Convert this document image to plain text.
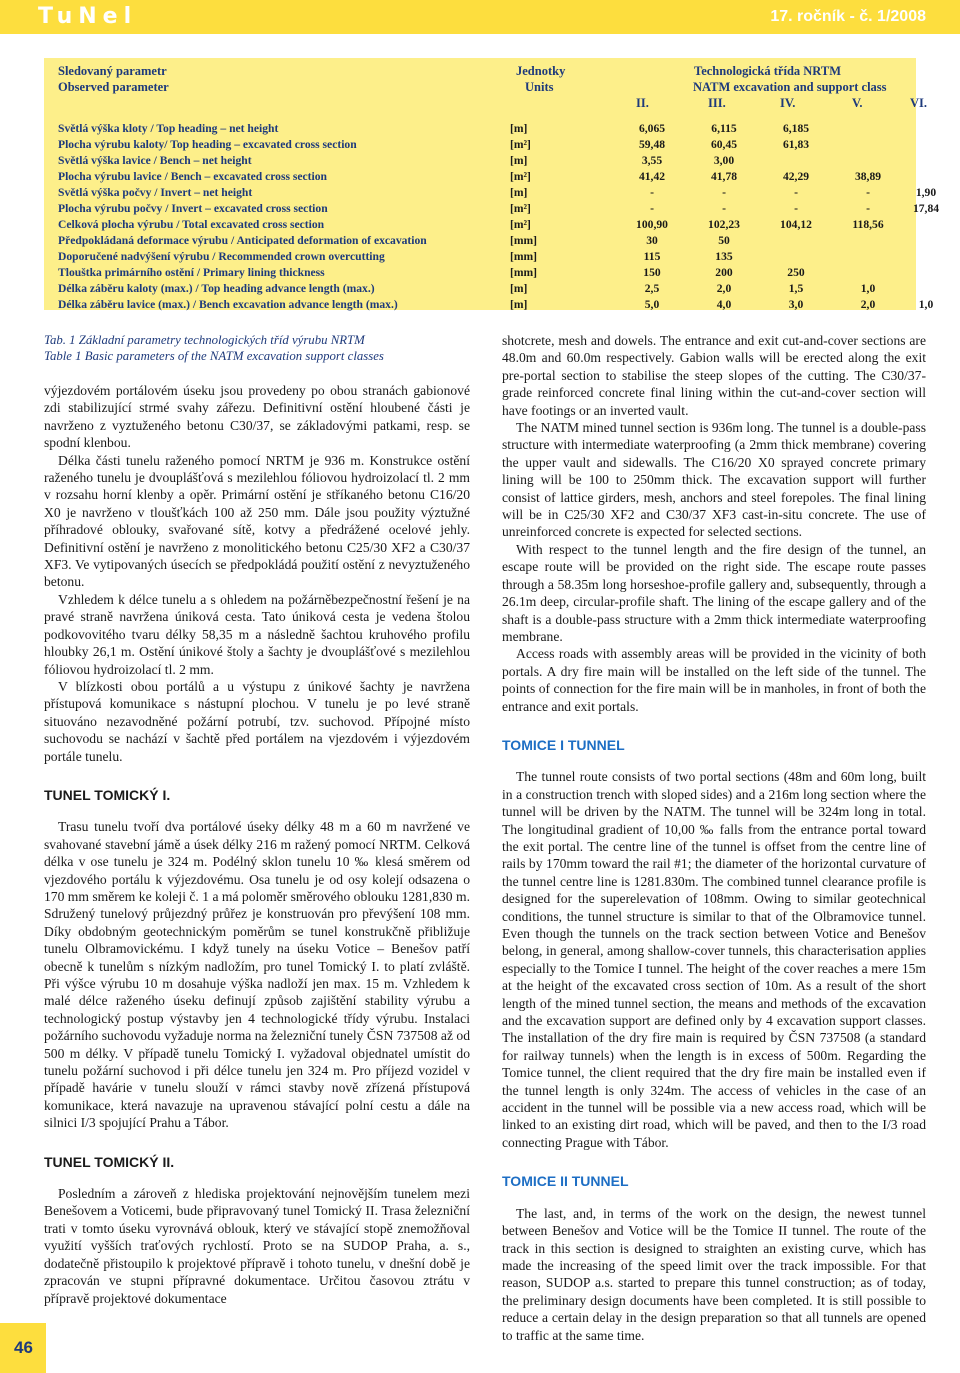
TuNel	17. ročník - č. 1/2008
Sledovaný parametr
Observed parameter
Jednotky
Units
Technologická třída NRTM
NATM excavation and support class
II.	III.	IV.	V.	VI.
Světlá výška kloty / Top heading – net height	[m]	6,065	6,115	6,185
Plocha výrubu kaloty/ Top heading – excavated cross section	[m²]	59,48	60,45	61,83
Světlá výška lavice / Bench – net height	[m]	3,55	3,00
Plocha výrubu lavice / Bench – excavated cross section	[m²]	41,42	41,78	42,29	38,89
Světlá výška počvy / Invert – net height	[m]	-	-	-	-	1,90
Plocha výrubu počvy / Invert – excavated cross section	[m²]	-	-	-	-	17,84
Celková plocha výrubu / Total excavated cross section	[m²]	100,90	102,23	104,12	118,56
Předpokládaná deformace výrubu / Anticipated deformation of excavation	[mm]	30	50
Doporučené nadvýšení výrubu / Recommended crown overcutting	[mm]	115	135
Tlouštka primárního ostění / Primary lining thickness	[mm]	150	200	250
Délka záběru kaloty (max.) / Top heading advance length (max.)	[m]	2,5	2,0	1,5	1,0
Délka záběru lavice (max.) / Bench excavation advance length (max.)	[m]	5,0	4,0	3,0	2,0	1,0
Tab. 1 Základní parametry technologických tříd výrubu NRTM
Table 1 Basic parameters of the NATM excavation support classes

výjezdovém portálovém úseku jsou provedeny po obou stranách gabionové zdi stabilizující strmé svahy zářezu. Definitivní ostění hloubené části je navrženo z vyztuženého betonu C30/37, se základovými patkami, resp. se spodní klenbou.

Délka části tunelu raženého pomocí NRTM je 936 m. Konstrukce ostění raženého tunelu je dvouplášťová s mezilehlou fóliovou hydroizolací tl. 2 mm v rozsahu horní klenby a opěr. Primární ostění je stříkaného betonu C16/20 X0 je navrženo v tloušťkách 100 až 250 mm. Dále jsou použity výztužné příhradové oblouky, svařované sítě, kotvy a předrážené ocelové jehly. Definitivní ostění je navrženo z monolitického betonu C25/30 XF2 a C30/37 XF3. Ve vytipovaných úsecích se předpokládá použití ostění z nevyztuženého betonu.

Vzhledem k délce tunelu a s ohledem na požárněbezpečnostní řešení je na pravé straně navržena úniková cesta. Tato úniková cesta je vedena štolou podkovovitého tvaru délky 58,35 m a následně šachtou kruhového profilu hloubky 26,1 m. Ostění únikové štoly a šachty je dvouplášťové s mezilehlou fóliovou hydroizolací tl. 2 mm.

V blízkosti obou portálů a u výstupu z únikové šachty je navržena přístupová komunikace s nástupní plochou. V tunelu je po levé straně situováno nezavodněné požární potrubí, tzv. suchovod. Přípojné místo suchovodu se nachází v šachtě před portálem na vjezdovém i výjezdovém portále tunelu.

TUNEL TOMICKÝ I.

Trasu tunelu tvoří dva portálové úseky délky 48 m a 60 m navržené ve svahované stavební jámě a úsek délky 216 m ražený pomocí NRTM. Celková délka v ose tunelu je 324 m. Podélný sklon tunelu 10 ‰ klesá směrem od vjezdového portálu k výjezdovému. Osa tunelu je od osy kolejí odsazena o 170 mm směrem ke koleji č. 1 a má poloměr směrového oblouku 1281,830 m. Sdružený tunelový průjezdný průřez je konstruován pro převýšení 108 mm. Díky obdobným geotechnickým poměrům se tunel konstrukčně přibližuje tunelu Olbramovickému. I když tunely na úseku Votice – Benešov patří obecně k tunelům s nízkým nadložím, pro tunel Tomický I. to platí zvláště. Při výšce výrubu 10 m dosahuje výška nadloží jen max. 15 m. Vzhledem k malé délce raženého úseku definují způsob zajištění stability výrubu a technologický postup výstavby jen 4 technologické třídy výrubu. Instalaci požárního suchovodu vyžaduje norma na železniční tunely ČSN 737508 až od 500 m délky. V případě tunelu Tomický I. vyžadoval objednatel umístit do tunelu požární suchovod i při délce tunelu jen 324 m. Pro příjezd vozidel v případě havárie v tunelu slouží v rámci stavby nově zřízená přístupová komunikace, která navazuje na upravenou stávající polní cestu a dále na silnici I/3 spojující Prahu a Tábor.

TUNEL TOMICKÝ II.

Posledním a zároveň z hlediska projektování nejnovějším tunelem mezi Benešovem a Voticemi, bude připravovaný tunel Tomický II. Trasa železniční trati v tomto úseku vyrovnává oblouk, který ve stávající stopě znemožňoval využití vyšších traťových rychlostí. Proto se na SUDOP Praha, a. s., dodatečně přistoupilo k projektové přípravě i tohoto tunelu, v dnešní době je zpracován ve stupni přípravné dokumentace. Určitou časovou ztrátu v přípravě projektové dokumentace

shotcrete, mesh and dowels. The entrance and exit cut-and-cover sections are 48.0m and 60.0m respectively. Gabion walls will be erected along the exit pre-portal section to stabilise the steep slopes of the cutting. The C30/37-grade reinforced concrete final lining within the cut-and-cover section will have footings or an inverted vault.

The NATM mined tunnel section is 936m long. The tunnel is a double-pass structure with intermediate waterproofing (a 2mm thick membrane) covering the upper vault and sidewalls. The C16/20 X0 sprayed concrete primary lining will be 100 to 250mm thick. The excavation support will further consist of lattice girders, mesh, anchors and steel forepoles. The final lining will be in C25/30 XF2 and C30/37 XF3 cast-in-situ concrete. The use of unreinforced concrete is expected for selected sections.

With respect to the tunnel length and the fire design of the tunnel, an escape route will be provided on the right side. The escape route passes through a 58.35m long horseshoe-profile gallery and, subsequently, through a 26.1m deep, circular-profile shaft. The lining of the escape gallery and of the shaft is a double-pass structure with a 2mm thick intermediate waterproofing membrane.

Access roads with assembly areas will be provided in the vicinity of both portals. A dry fire main will be installed on the left side of the tunnel. The points of connection for the fire main will be in manholes, in front of both the entrance and exit portals.

TOMICE I TUNNEL

The tunnel route consists of two portal sections (48m and 60m long, built in a construction trench with sloped sides) and a 216m long section where the tunnel will be driven by the NATM. The tunnel will be 324m long in total. The longitudinal gradient of 10,00 ‰ falls from the entrance portal toward the exit portal. The centre line of the tunnel is offset from the centre line of rails by 170mm toward the rail #1; the diameter of the horizontal curvature of the tunnel centre line is 1281.830m. The combined tunnel clearance profile is designed for the superelevation of 108mm. Owing to similar geotechnical conditions, the tunnel structure is similar to that of the Olbramovice tunnel. Even though the tunnels on the track section between Votice and Benešov belong, in general, among shallow-cover tunnels, this characterisation applies especially to the Tomice I tunnel. The height of the cover reaches a mere 15m at the height of the excavated cross section of 10m. As a result of the short length of the mined tunnel section, the means and methods of the excavation and the excavation support are defined only by 4 excavation support classes. The installation of the dry fire main is required by ČSN 737508 (a standard for railway tunnels) when the length is in excess of 500m. Regarding the Tomice tunnel, the client required that the dry fire main be installed even if the tunnel length is only 324m. The access of vehicles in the case of an accident in the tunnel will be possible via a new access road, which will be linked to an existing dirt road, which will be paved, and then to the I/3 road connecting Prague with Tábor.

TOMICE II TUNNEL

The last, and, in terms of the work on the design, the newest tunnel between Benešov and Votice will be the Tomice II tunnel. The route of the track in this section is designed to straighten an existing curve, which has made the increasing of the speed limit over the track impossible. For that reason, SUDOP a.s. started to prepare this tunnel construction; as of today, the preliminary design documents have been completed. It is still possible to reduce a certain delay in the design preparation so that all tunnels are opened to traffic at the same time.

46
